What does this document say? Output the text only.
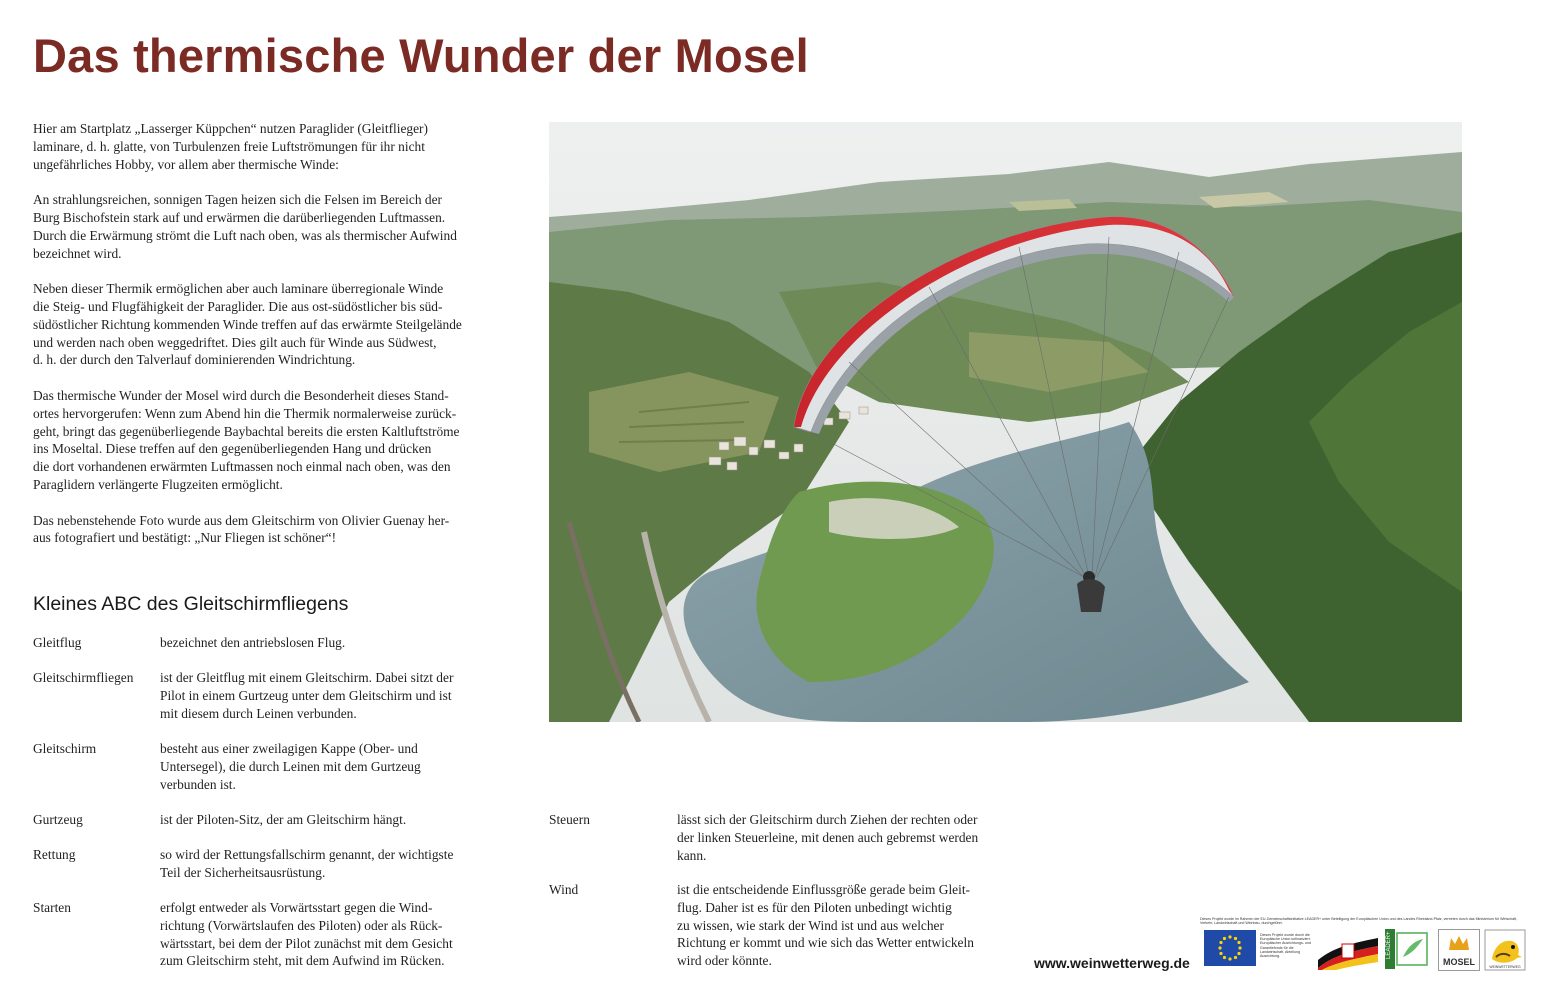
Das thermische Wunder der Mosel

Hier am Startplatz „Lasserger Küppchen“ nutzen Paraglider (Gleitflieger)
laminare, d. h. glatte, von Turbulenzen freie Luftströmungen für ihr nicht
ungefährliches Hobby, vor allem aber thermische Winde:

An strahlungsreichen, sonnigen Tagen heizen sich die Felsen im Bereich der
Burg Bischofstein stark auf und erwärmen die darüberliegenden Luftmassen.
Durch die Erwärmung strömt die Luft nach oben, was als thermischer Aufwind
bezeichnet wird.

Neben dieser Thermik ermöglichen aber auch laminare überregionale Winde
die Steig- und Flugfähigkeit der Paraglider. Die aus ost-südöstlicher bis süd-
südöstlicher Richtung kommenden Winde treffen auf das erwärmte Steilgelände
und werden nach oben weggedriftet. Dies gilt auch für Winde aus Südwest,
d. h. der durch den Talverlauf dominierenden Windrichtung.

Das thermische Wunder der Mosel wird durch die Besonderheit dieses Stand-
ortes hervorgerufen: Wenn zum Abend hin die Thermik normalerweise zurück-
geht, bringt das gegenüberliegende Baybachtal bereits die ersten Kaltluftströme
ins Moseltal. Diese treffen auf den gegenüberliegenden Hang und drücken
die dort vorhandenen erwärmten Luftmassen noch einmal nach oben, was den
Paraglidern verlängerte Flugzeiten ermöglicht.

Das nebenstehende Foto wurde aus dem Gleitschirm von Olivier Guenay her-
aus fotografiert und bestätigt: „Nur Fliegen ist schöner“!

Kleines ABC des Gleitschirmfliegens
Gleitflug	bezeichnet den antriebslosen Flug.
Gleitschirmfliegen	ist der Gleitflug mit einem Gleitschirm. Dabei sitzt der
Pilot in einem Gurtzeug unter dem Gleitschirm und ist
mit diesem durch Leinen verbunden.
Gleitschirm	besteht aus einer zweilagigen Kappe (Ober- und
Untersegel), die durch Leinen mit dem Gurtzeug
verbunden ist.
Gurtzeug	ist der Piloten-Sitz, der am Gleitschirm hängt.
Rettung	so wird der Rettungsfallschirm genannt, der wichtigste
Teil der Sicherheitsausrüstung.
Starten	erfolgt entweder als Vorwärtsstart gegen die Wind-
richtung (Vorwärtslaufen des Piloten) oder als Rück-
wärtsstart, bei dem der Pilot zunächst mit dem Gesicht
zum Gleitschirm steht, mit dem Aufwind im Rücken.
Steuern	lässt sich der Gleitschirm durch Ziehen der rechten oder
der linken Steuerleine, mit denen auch gebremst werden
kann.
Wind	ist die entscheidende Einflussgröße gerade beim Gleit-
flug. Daher ist es für den Piloten unbedingt wichtig
zu wissen, wie stark der Wind ist und aus welcher
Richtung er kommt und wie sich das Wetter entwickeln
wird oder könnte.	www.weinwetterweg.de
Dieses Projekt wurde im Rahmen der EU-Gemeinschaftsinitiative LEADER+ unter Beteiligung der Europäischen Union und des Landes Rheinland-Pfalz, vertreten durch das Ministerium für Wirtschaft, Verkehr, Landwirtschaft und Weinbau, durchgeführt.
Dieses Projekt wurde durch die Europäische Union kofinanziert. Europäischer Ausrichtungs- und Garantiefonds für die Landwirtschaft, Abteilung Ausrichtung.	LEADER+
MOSEL	WEINWETTERWEG
